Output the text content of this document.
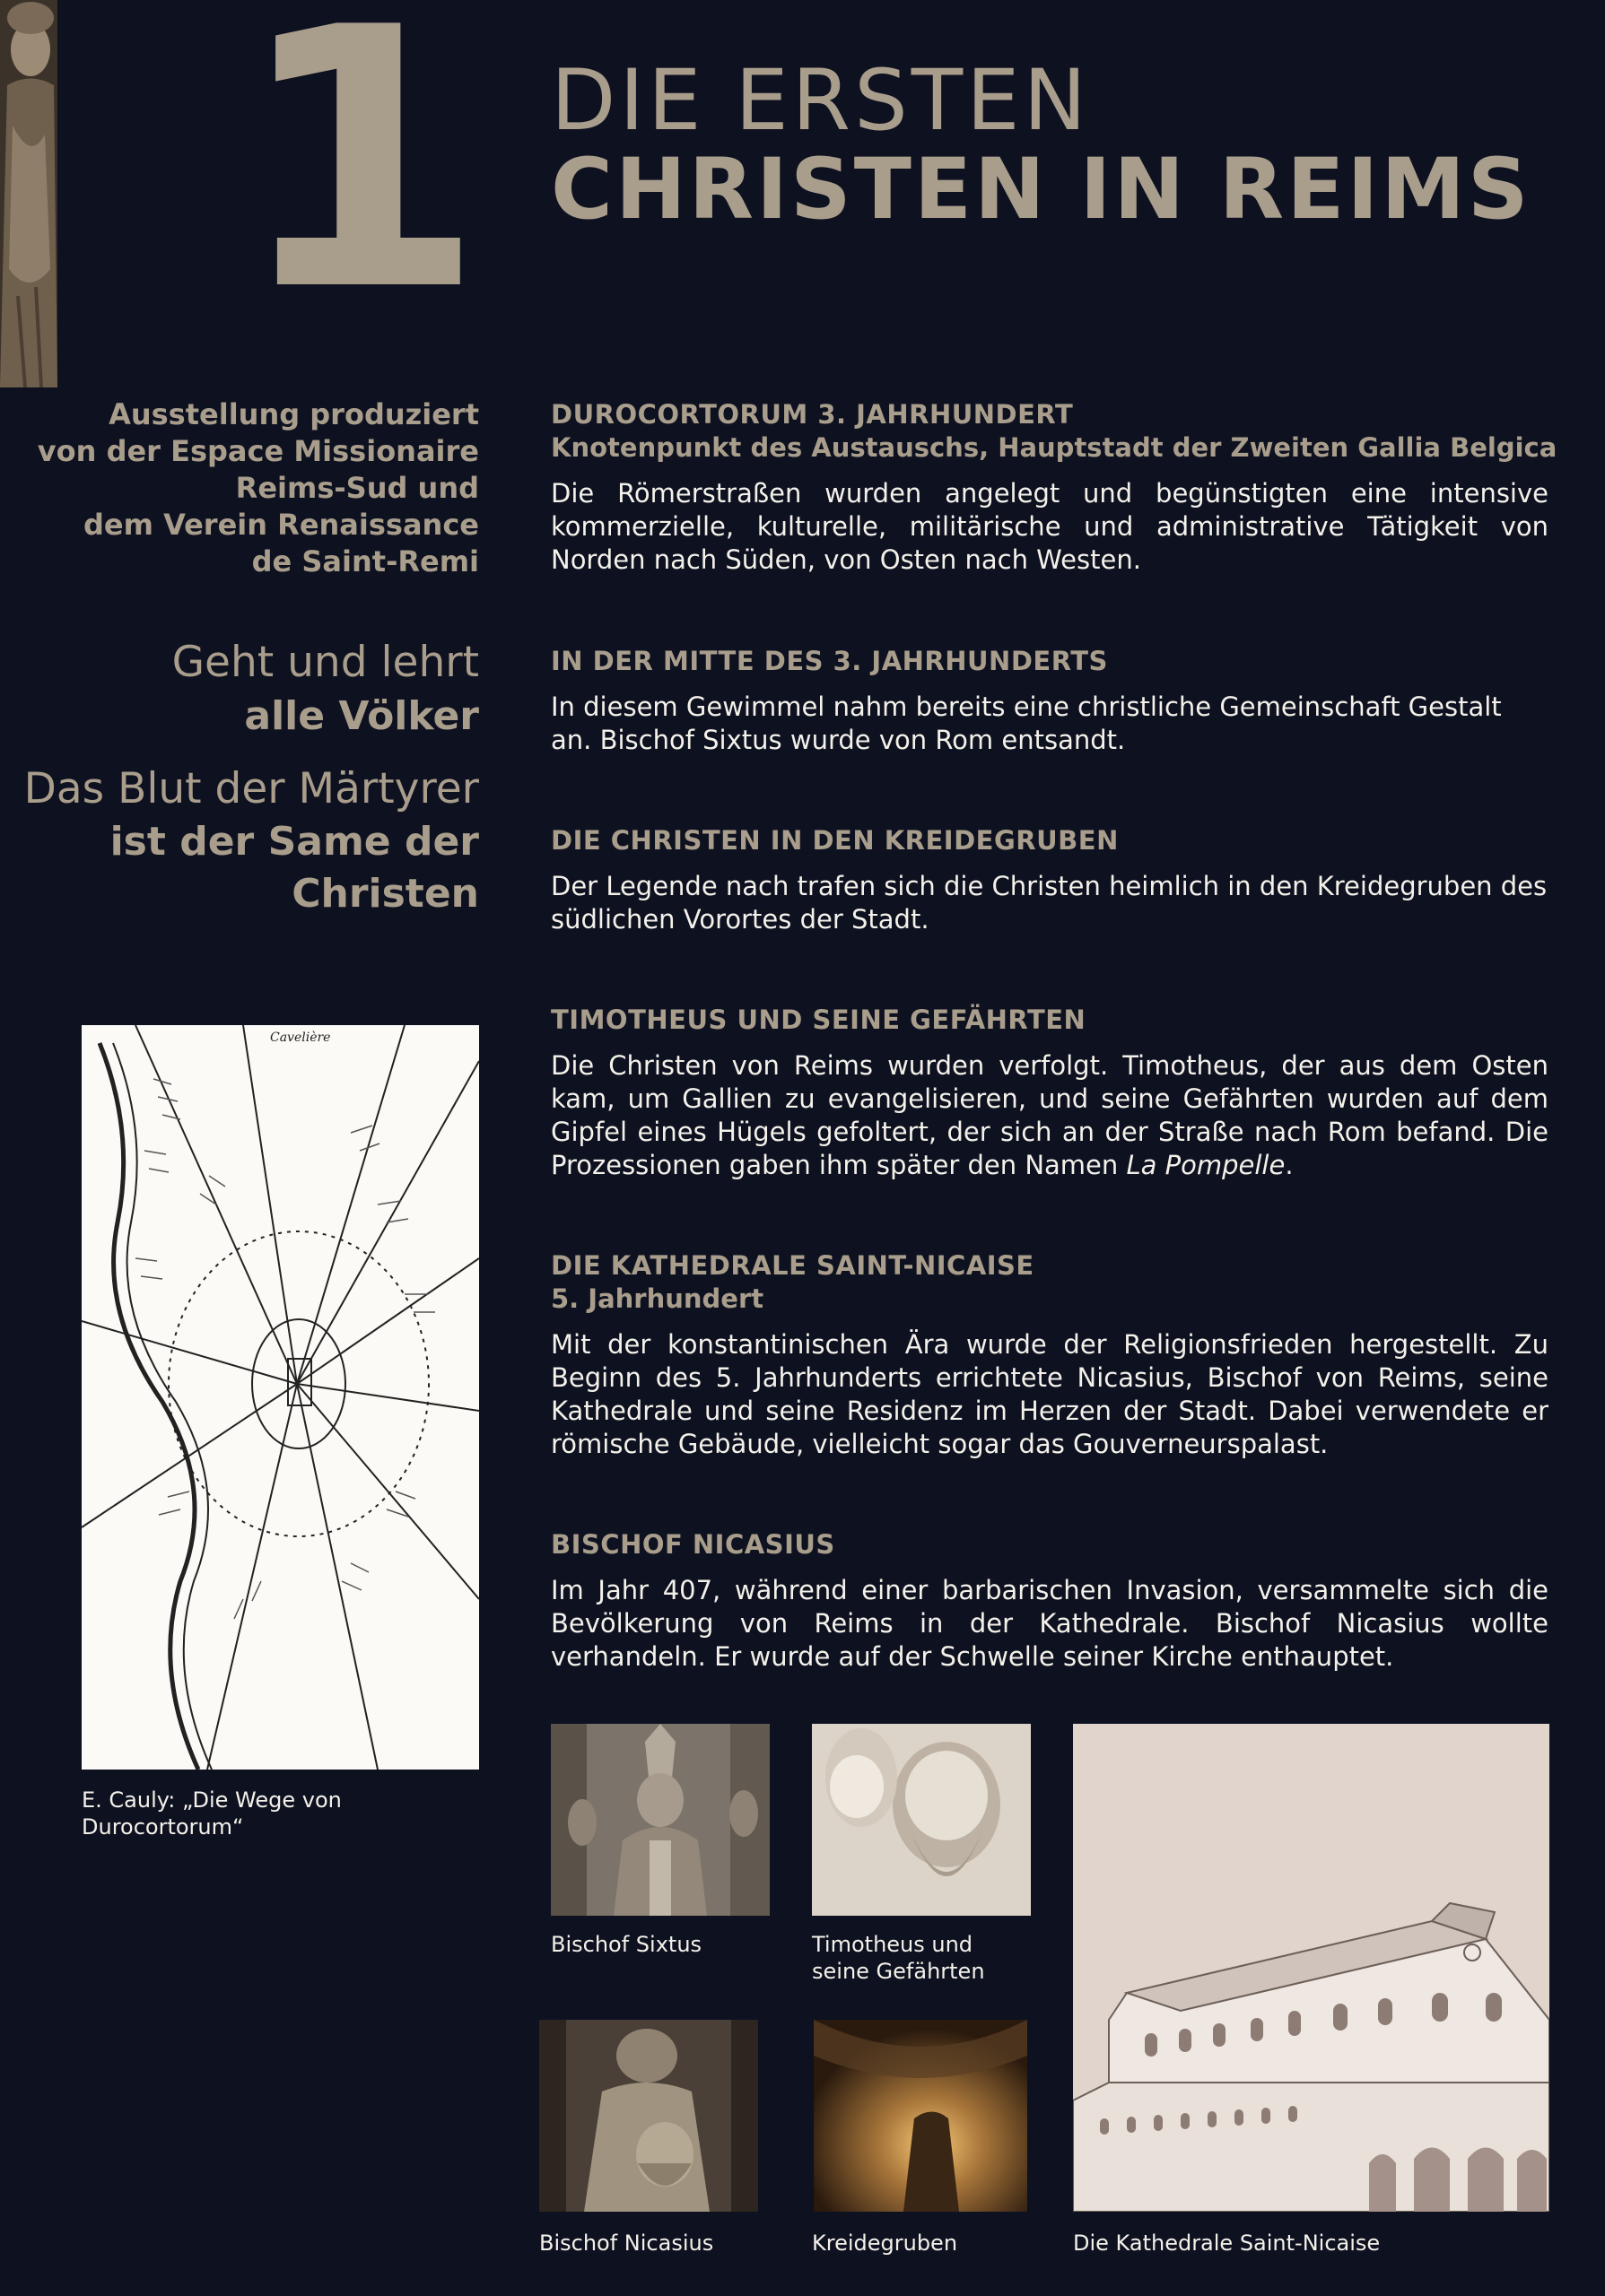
1 DIE ERSTEN
CHRISTEN IN REIMS
Ausstellung produziert
von der Espace Missionaire
Reims-Sud und
dem Verein Renaissance
de Saint-Remi
Geht und lehrt
alle Völker
Das Blut der Märtyrer
ist der Same der
Christen
Cavelière
E. Cauly: „Die Wege von
Durocortorum“
DUROCORTORUM 3. JAHRHUNDERT
Knotenpunkt des Austauschs, Hauptstadt der Zweiten Gallia Belgica
Die Römerstraßen wurden angelegt und begünstigten eine intensive kommerzielle, kulturelle, militärische und administrative Tätigkeit von Norden nach Süden, von Osten nach Westen.
IN DER MITTE DES 3. JAHRHUNDERTS
In diesem Gewimmel nahm bereits eine christliche Gemeinschaft Gestalt an. Bischof Sixtus wurde von Rom entsandt.
DIE CHRISTEN IN DEN KREIDEGRUBEN
Der Legende nach trafen sich die Christen heimlich in den Kreidegruben des südlichen Vorortes der Stadt.
TIMOTHEUS UND SEINE GEFÄHRTEN
Die Christen von Reims wurden verfolgt. Timotheus, der aus dem Osten kam, um Gallien zu evangelisieren, und seine Gefährten wurden auf dem Gipfel eines Hügels gefoltert, der sich an der Straße nach Rom befand. Die Prozessionen gaben ihm später den Namen La Pompelle.
DIE KATHEDRALE SAINT-NICAISE
5. Jahrhundert
Mit der konstantinischen Ära wurde der Religionsfrieden hergestellt. Zu Beginn des 5. Jahrhunderts errichtete Nicasius, Bischof von Reims, seine Kathedrale und seine Residenz im Herzen der Stadt. Dabei verwendete er römische Gebäude, vielleicht sogar das Gouverneurspalast.
BISCHOF NICASIUS
Im Jahr 407, während einer barbarischen Invasion, versammelte sich die Bevölkerung von Reims in der Kathedrale. Bischof Nicasius wollte verhandeln. Er wurde auf der Schwelle seiner Kirche enthauptet.
Bischof Sixtus	Timotheus und
seine Gefährten
Bischof Nicasius	Kreidegruben	Die Kathedrale Saint-Nicaise
